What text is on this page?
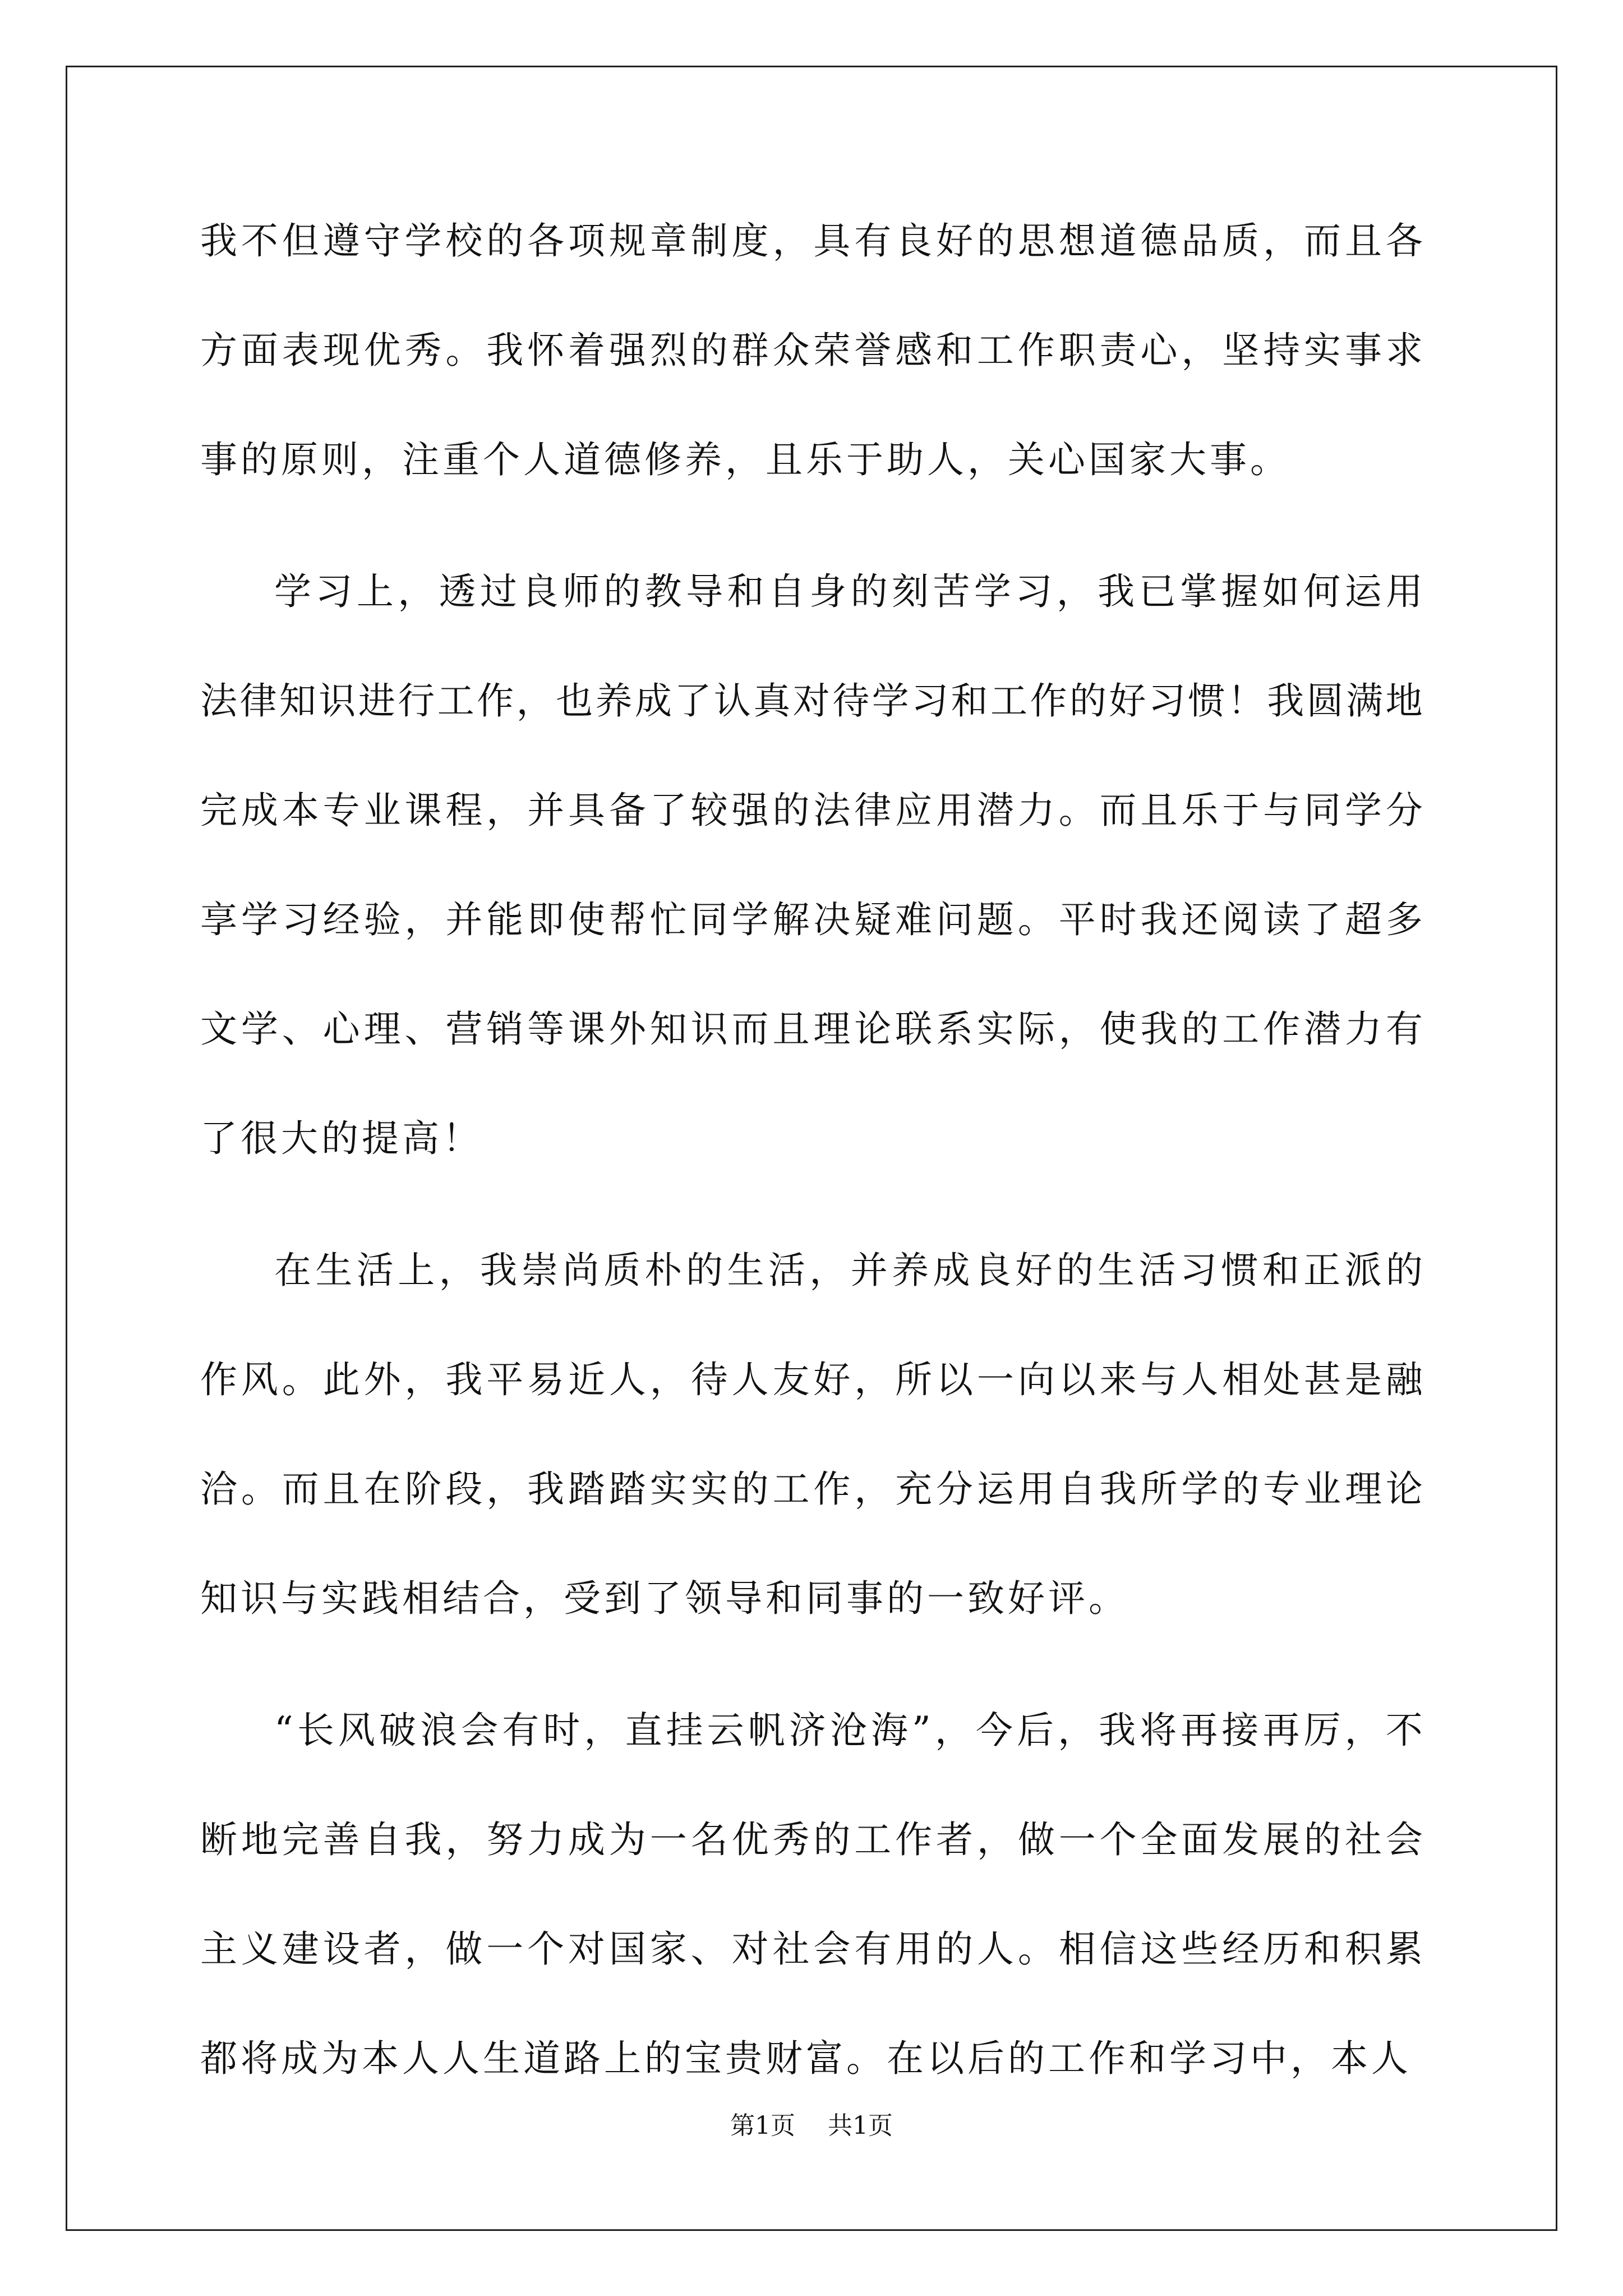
我 不 但 遵 守 学 校 的 各 项 规 章 制 度 ， 具 有 良 好 的 思 想 道 德 品 质 ， 而 且 各
方 面 表 现 优 秀 。 我 怀 着 强 烈 的 群 众 荣 誉 感 和 工 作 职 责 心 ， 坚 持 实 事 求
事的原则，注重个人道德修养，且乐于助人，关心国家大事。
学 习 上 ， 透 过 良 师 的 教 导 和 自 身 的 刻 苦 学 习 ， 我 已 掌 握 如 何 运 用
法 律 知 识 进 行 工 作 ， 也 养 成 了 认 真 对 待 学 习 和 工 作 的 好 习 惯 ！ 我 圆 满 地
完 成 本 专 业 课 程 ， 并 具 备 了 较 强 的 法 律 应 用 潜 力 。 而 且 乐 于 与 同 学 分
享 学 习 经 验 ， 并 能 即 使 帮 忙 同 学 解 决 疑 难 问 题 。 平 时 我 还 阅 读 了 超 多
文 学 、 心 理 、 营 销 等 课 外 知 识 而 且 理 论 联 系 实 际 ， 使 我 的 工 作 潜 力 有
了很大的提高！
在 生 活 上 ， 我 崇 尚 质 朴 的 生 活 ， 并 养 成 良 好 的 生 活 习 惯 和 正 派 的
作 风 。 此 外 ， 我 平 易 近 人 ， 待 人 友 好 ， 所 以 一 向 以 来 与 人 相 处 甚 是 融
洽 。 而 且 在 阶 段 ， 我 踏 踏 实 实 的 工 作 ， 充 分 运 用 自 我 所 学 的 专 业 理 论
知识与实践相结合，受到了领导和同事的一致好评。
“ 长 风 破 浪 会 有 时 ， 直 挂 云 帆 济 沧 海 ” ， 今 后 ， 我 将 再 接 再 厉 ， 不
断 地 完 善 自 我 ， 努 力 成 为 一 名 优 秀 的 工 作 者 ， 做 一 个 全 面 发 展 的 社 会
主 义 建 设 者 ， 做 一 个 对 国 家 、 对 社 会 有 用 的 人 。 相 信 这 些 经 历 和 积 累
都将成为本人人生道路上的宝贵财富。在以后的工作和学习中，本人
第1页 共1页
